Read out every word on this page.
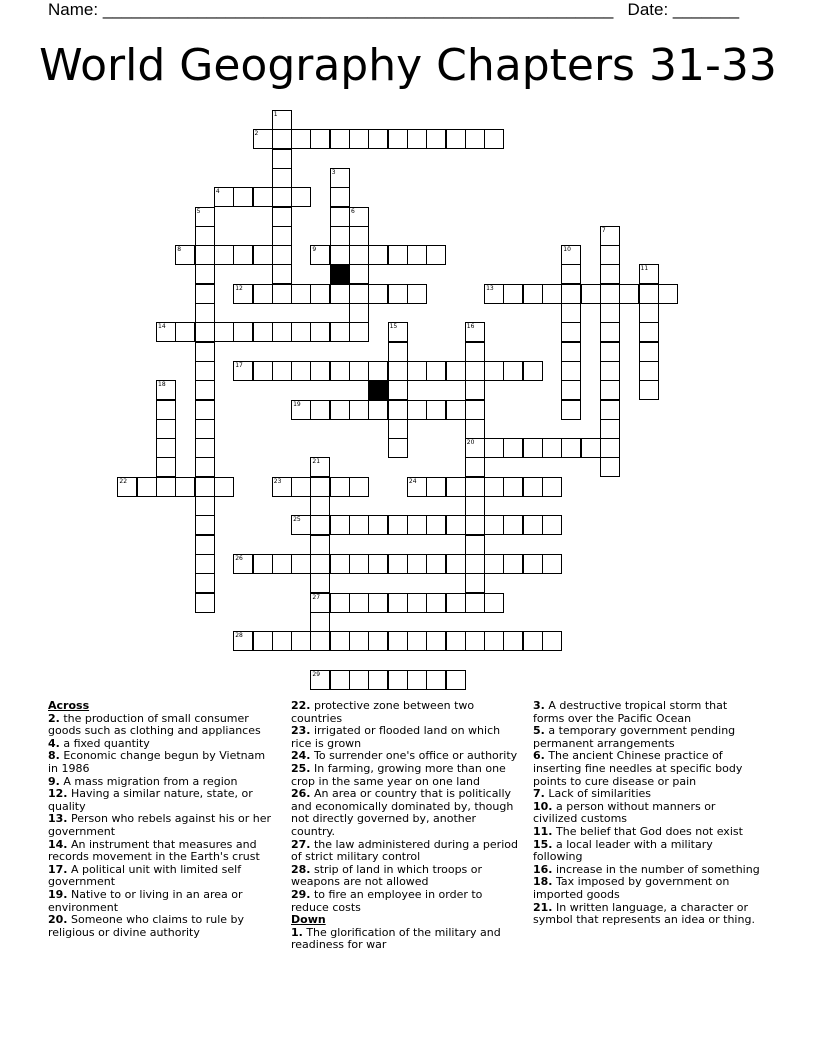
Name: ______________________________________________________ Date: _______
World Geography Chapters 31-33
1
2
3
4
5	6
7
8	9	10
11
12	13
14	15	16
20
17
18
19
21
27
22	23	24
25
26
28
29
Across
2. the production of small consumer goods such as clothing and appliances
4. a fixed quantity
8. Economic change begun by Vietnam in 1986
9. A mass migration from a region
12. Having a similar nature, state, or quality
13. Person who rebels against his or her government
14. An instrument that measures and records movement in the Earth's crust
17. A political unit with limited self government
19. Native to or living in an area or environment
20. Someone who claims to rule by religious or divine authority
22. protective zone between two countries
23. irrigated or flooded land on which rice is grown
24. To surrender one's office or authority
25. In farming, growing more than one crop in the same year on one land
26. An area or country that is politically and economically dominated by, though not directly governed by, another country.
27. the law administered during a period of strict military control
28. strip of land in which troops or weapons are not allowed
29. to fire an employee in order to reduce costs
Down
1. The glorification of the military and readiness for war
3. A destructive tropical storm that forms over the Pacific Ocean
5. a temporary government pending permanent arrangements
6. The ancient Chinese practice of inserting fine needles at specific body points to cure disease or pain
7. Lack of similarities
10. a person without manners or civilized customs
11. The belief that God does not exist
15. a local leader with a military following
16. increase in the number of something
18. Tax imposed by government on imported goods
21. In written language, a character or symbol that represents an idea or thing.
